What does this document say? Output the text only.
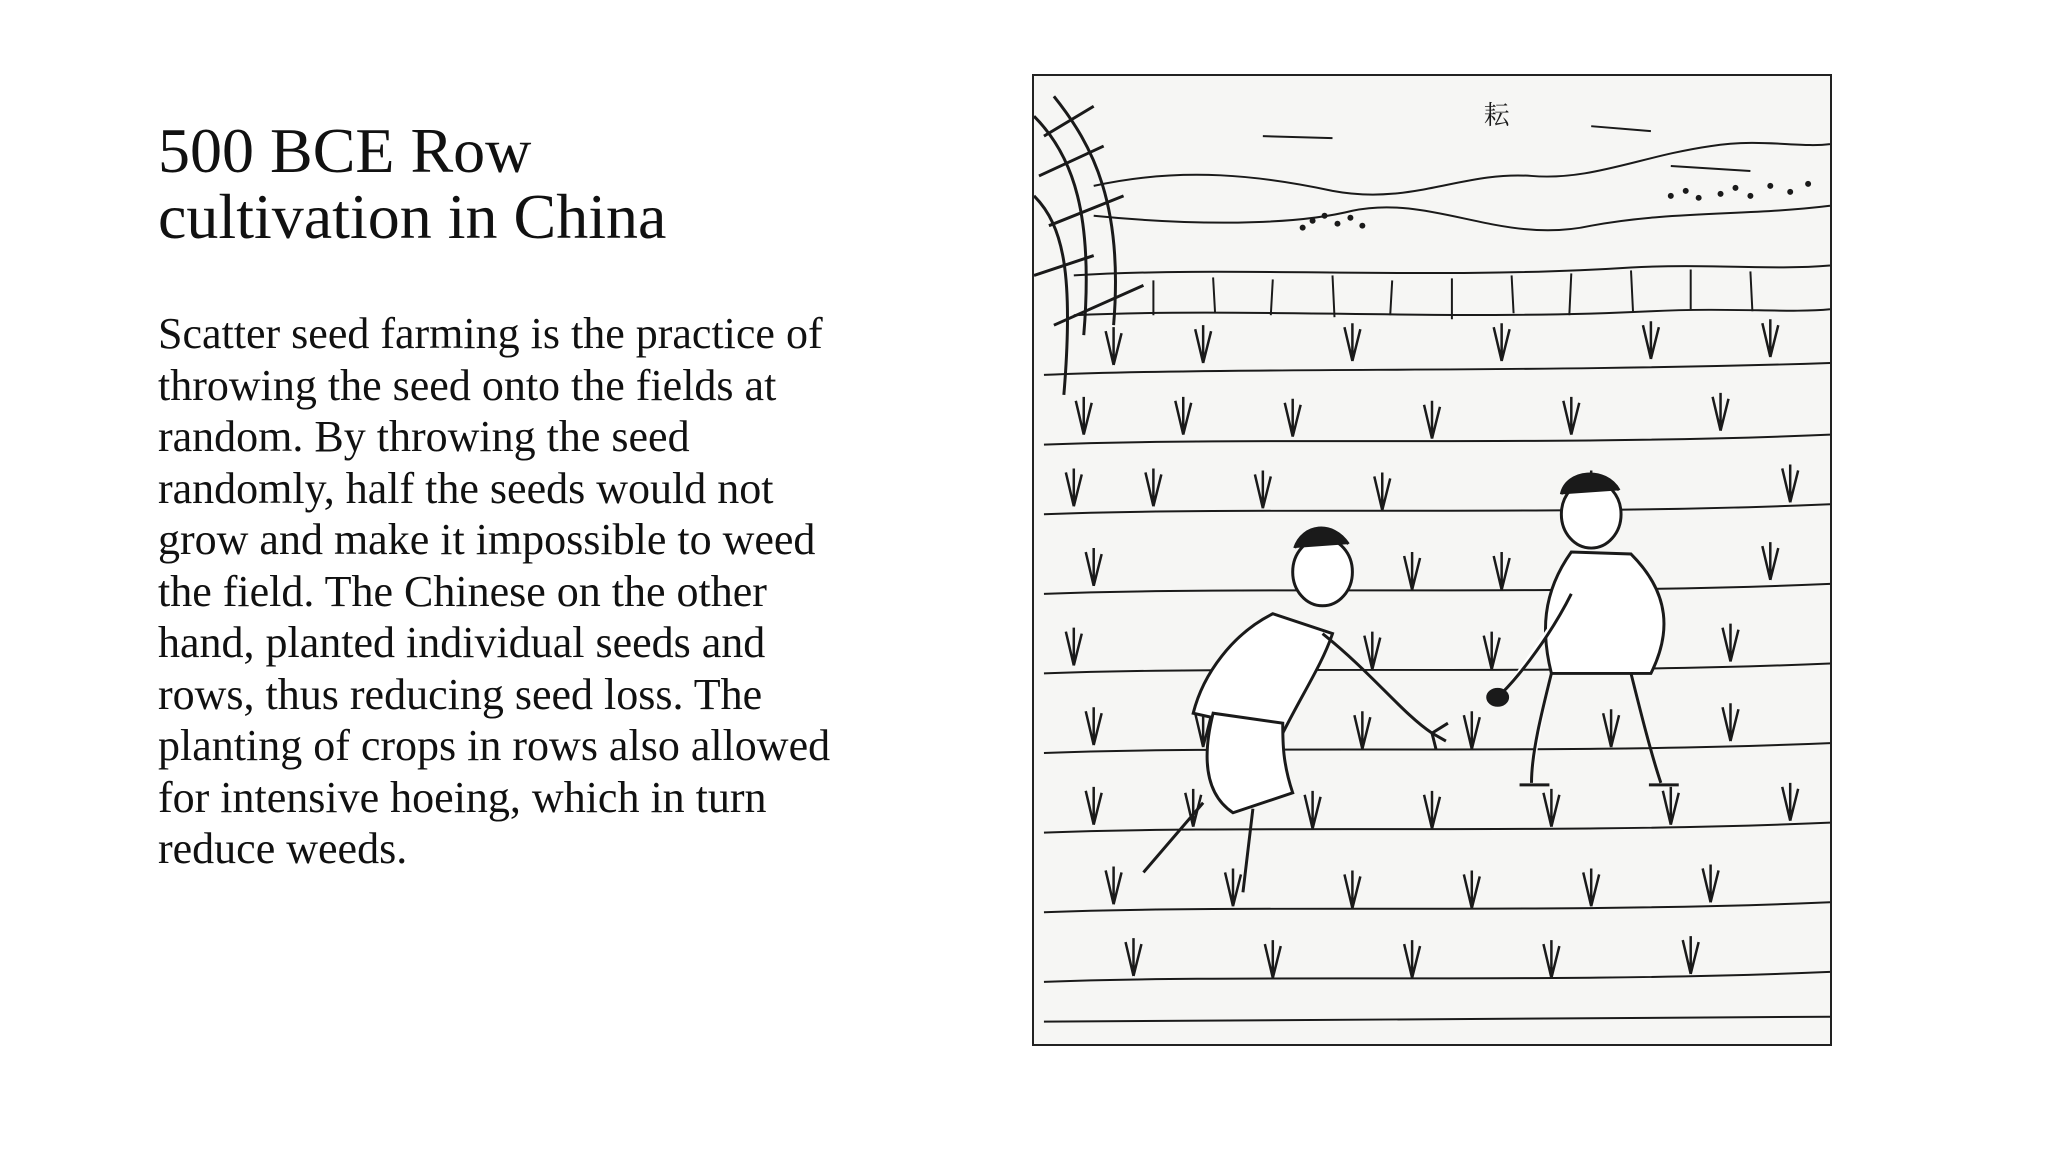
500 BCE Row
cultivation in China

Scatter seed farming is the practice of throwing the seed onto the fields at random. By throwing the seed randomly, half the seeds would not grow and make it impossible to weed the field. The Chinese on the other hand, planted individual seeds and rows, thus reducing seed loss. The planting of crops in rows also allowed for intensive hoeing, which in turn reduce weeds.

耘
